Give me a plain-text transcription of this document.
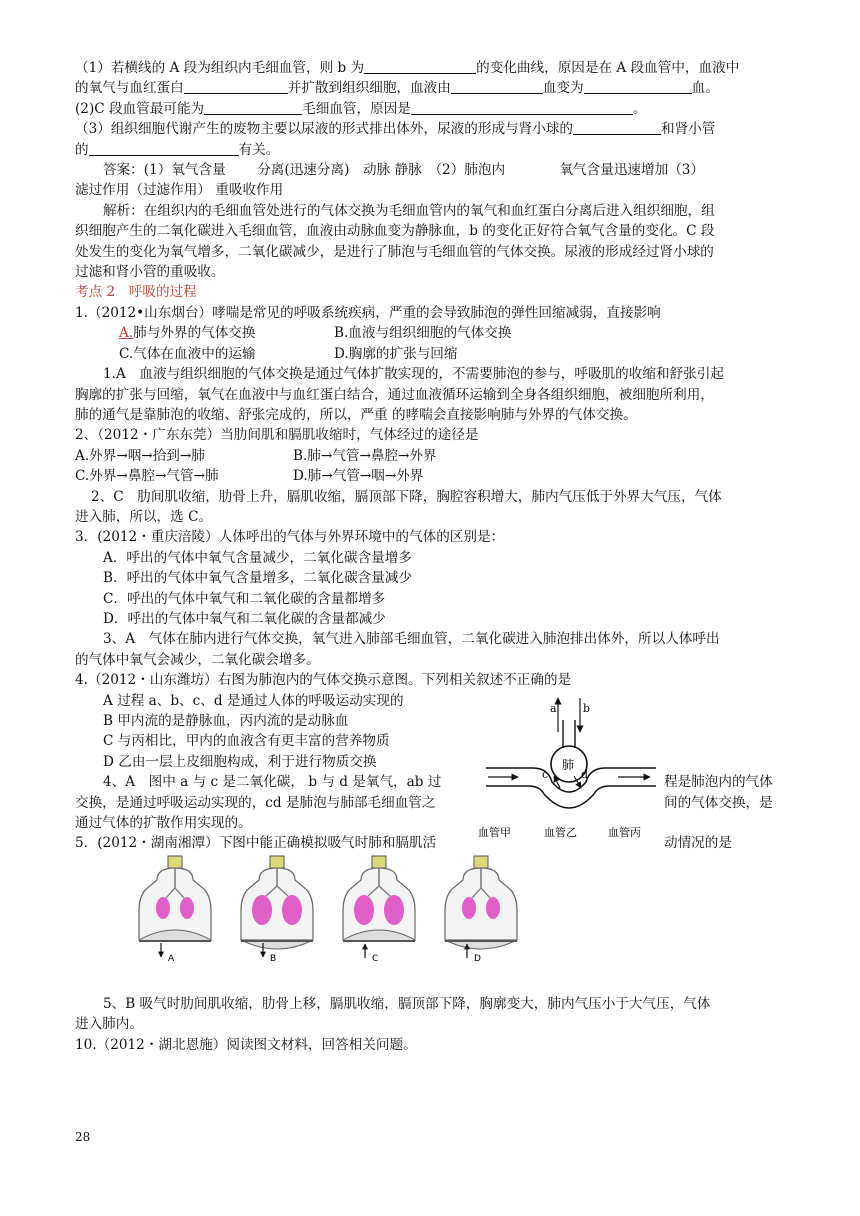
（1）若横线的 A 段为组织内毛细血管，则 b 为	的变化曲线，原因是在 A 段血管中，血液中
的氧气与血红蛋白	并扩散到组织细胞，血液由	血变为	血。
(2)C 段血管最可能为	毛细血管，原因是	。
（3）组织细胞代谢产生的废物主要以尿液的形式排出体外，尿液的形成与肾小球的	和肾小管
的	有关。
答案：(1）氧气含量　　 分离(迅速分离)　动脉 静脉　（2）肺泡内　　　　氧气含量迅速增加（3）
滤过作用（过滤作用） 重吸收作用
解析：在组织内的毛细血管处进行的气体交换为毛细血管内的氧气和血红蛋白分离后进入组织细胞，组
织细胞产生的二氧化碳进入毛细血管，血液由动脉血变为静脉血，b 的变化正好符合氧气含量的变化。C 段
处发生的变化为氧气增多，二氧化碳减少，是进行了肺泡与毛细血管的气体交换。尿液的形成经过肾小球的
过滤和肾小管的重吸收。
考点 2　呼吸的过程
1.（2012•山东烟台）哮喘是常见的呼吸系统疾病，严重的会导致肺泡的弹性回缩减弱，直接影响
A.肺与外界的气体交换	B.血液与组织细胞的气体交换
C.气体在血液中的运输	D.胸廓的扩张与回缩
1.A　血液与组织细胞的气体交换是通过气体扩散实现的，不需要肺泡的参与，呼吸肌的收缩和舒张引起
胸廓的扩张与回缩，氧气在血液中与血红蛋白结合，通过血液循环运输到全身各组织细胞，被细胞所利用，
肺的通气是靠肺泡的收缩、舒张完成的，所以，严重 的哮喘会直接影响肺与外界的气体交换。
2、（2012・广东东莞）当肋间肌和膈肌收缩时，气体经过的途径是
A.外界→咽→拾到→肺	B.肺→气管→鼻腔→外界
C.外界→鼻腔→气管→肺	D.肺→气管→咽→外界
2、C　肋间肌收缩，肋骨上升，膈肌收缩，膈顶部下降，胸腔容积增大，肺内气压低于外界大气压，气体
进入肺，所以，选 C。
3．(2012・重庆涪陵）人体呼出的气体与外界环境中的气体的区别是：
A．呼出的气体中氧气含量减少，二氧化碳含量增多
B．呼出的气体中氧气含量增多，二氧化碳含量减少
C．呼出的气体中氧气和二氧化碳的含量都增多
D．呼出的气体中氧气和二氧化碳的含量都减少
3、A　气体在肺内进行气体交换，氧气进入肺部毛细血管，二氧化碳进入肺泡排出体外，所以人体呼出
的气体中氧气会减少，二氧化碳会增多。
4.（2012・山东潍坊）右图为肺泡内的气体交换示意图。下列相关叙述不正确的是
A 过程 a、b、c、d 是通过人体的呼吸运动实现的
B 甲内流的是静脉血，丙内流的是动脉血
C 与丙相比，甲内的血液含有更丰富的营养物质
D 乙由一层上皮细胞构成，利于进行物质交换
4、A　图中 a 与 c 是二氧化碳， b 与 d 是氧气，ab 过	程是肺泡内的气体
交换，是通过呼吸运动实现的，cd 是肺泡与肺部毛细血管之	间的气体交换，是
通过气体的扩散作用实现的。
5．(2012・湖南湘潭）下图中能正确模拟吸气时肺和膈肌活	动情况的是
5、B 吸气时肋间肌收缩，肋骨上移，膈肌收缩，膈顶部下降，胸廓变大，肺内气压小于大气压，气体
进入肺内。
10.（2012・湖北恩施）阅读图文材料，回答相关问题。
a b
肺
c	d
血管甲	血管乙	血管丙
A	B	C	D
28
